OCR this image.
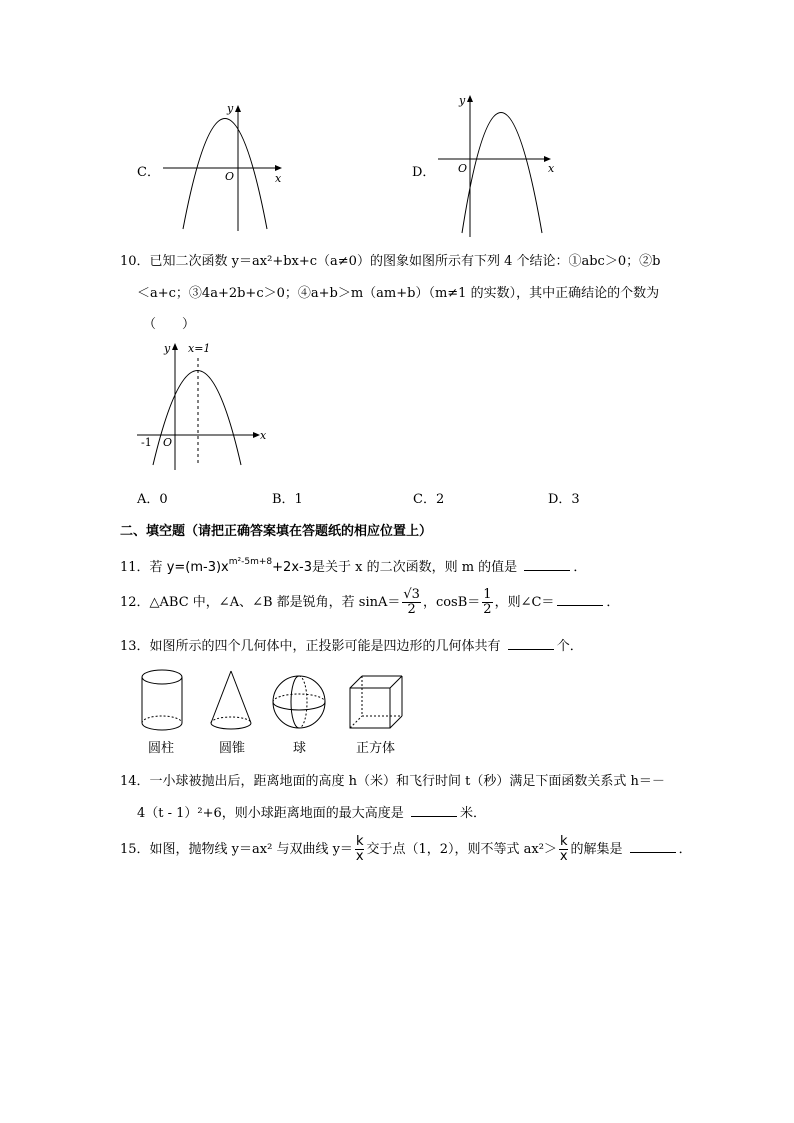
C．
y
x
O	D．
y
x
O
10．已知二次函数 y＝ax²+bx+c（a≠0）的图象如图所示有下列 4 个结论：①abc＞0；②b
＜a+c；③4a+2b+c＞0；④a+b＞m（am+b）（m≠1 的实数），其中正确结论的个数为
（　　）
y x=1
x
O
-1
A．0	B．1	C．2	D．3
二、填空题（请把正确答案填在答题纸的相应位置上）
11．若 $y=(m-3)x^{m^2-5m+8}+2x-3$是关于 x 的二次函数，则 m 的值是	．
12．△ABC 中，∠A、∠B 都是锐角，若 $\sin A= \frac{√3}{2}$ ，$\cos B= \frac{1}{2}$ ，则∠C＝	．
13．如图所示的四个几何体中，正投影可能是四边形的几何体共有	个．
圆柱	圆锥	球	正方体
14．一小球被抛出后，距离地面的高度 h（米）和飞行时间 t（秒）满足下面函数关系式 h＝－
4（t - 1）²+6，则小球距离地面的最大高度是	米．
15．如图，抛物线 y＝ax² 与双曲线 $y= \frac{k}{x}$ 交于点（1，2），则不等式 $ax^2> \frac{k}{x}$ 的解集是	．
